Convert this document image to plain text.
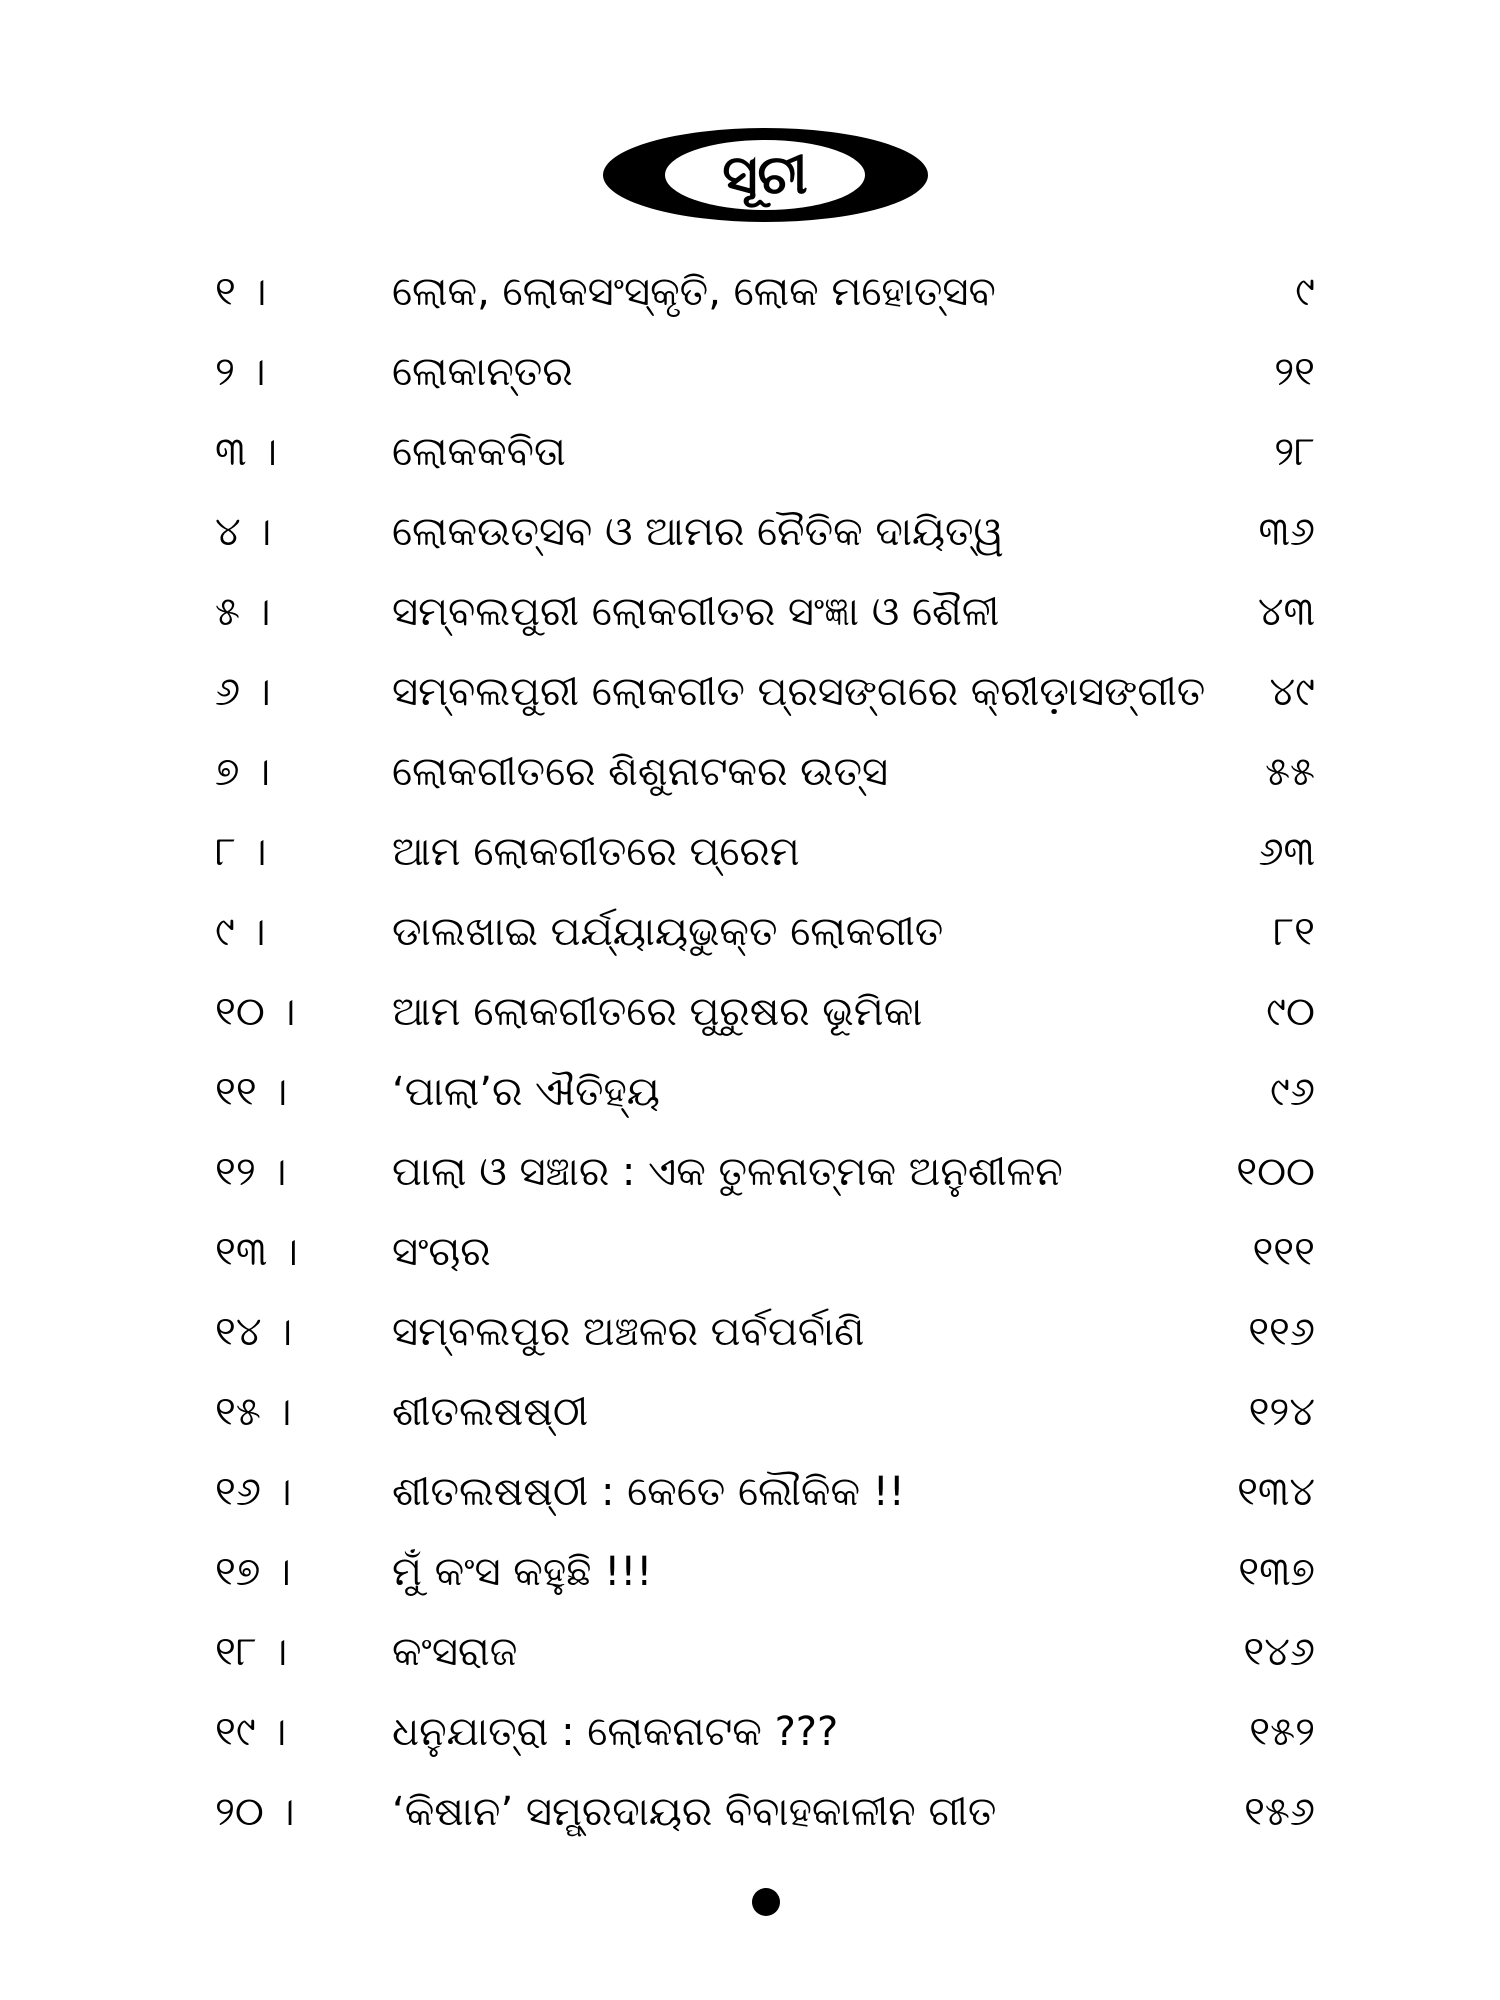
ସୂଚୀ
୧ ।	ଲୋକ, ଲୋକସଂସ୍କୃତି, ଲୋକ ମହୋତ୍ସବ	୯
୨ ।	ଲୋକାନ୍ତର	୨୧
୩ ।	ଲୋକକବିତା	୨୮
୪ ।	ଲୋକଉତ୍ସବ ଓ ଆମର ନୈତିକ ଦାୟିତ୍ୱ	୩୬
୫ ।	ସମ୍ବଲପୁରୀ ଲୋକଗୀତର ସଂଜ୍ଞା ଓ ଶୈଳୀ	୪୩
୬ ।	ସମ୍ବଲପୁରୀ ଲୋକଗୀତ ପ୍ରସଙ୍ଗରେ କ୍ରୀଡ଼ାସଙ୍ଗୀତ ୪୯
୭ ।	ଲୋକଗୀତରେ ଶିଶୁନାଟକର ଉତ୍ସ	୫୫
୮ ।	ଆମ ଲୋକଗୀତରେ ପ୍ରେମ	୬୩
୯ ।	ଡାଲଖାଇ ପର୍ଯ୍ୟାୟଭୁକ୍ତ ଲୋକଗୀତ	୮୧
୧୦ । ଆମ ଲୋକଗୀତରେ ପୁରୁଷର ଭୂମିକା	୯୦
୧୧ ।	‘ପାଲା’ର ଐତିହ୍ୟ	୯୬
୧୨ ।	ପାଲା ଓ ସଞ୍ଚାର : ଏକ ତୁଳନାତ୍ମକ ଅନୁଶୀଳନ	୧୦୦
୧୩ । ସଂଚାର	୧୧୧
୧୪ । ସମ୍ବଲପୁର ଅଞ୍ଚଳର ପର୍ବପର୍ବାଣି	୧୧୬
୧୫ ।	ଶୀତଲଷଷ୍ଠୀ	୧୨୪
୧୬ ।	ଶୀତଲଷଷ୍ଠୀ : କେତେ ଲୌକିକ !!	୧୩୪
୧୭ ।	ମୁଁ କଂସ କହୁଛି !!!	୧୩୭
୧୮ ।	କଂସରାଜ	୧୪୬
୧୯ ।	ଧନୁଯାତ୍ରା : ଲୋକନାଟକ ???	୧୫୨
୨୦ । ‘କିଷାନ’ ସମ୍ପ୍ରଦାୟର ବିବାହକାଳୀନ ଗୀତ	୧୫୬
